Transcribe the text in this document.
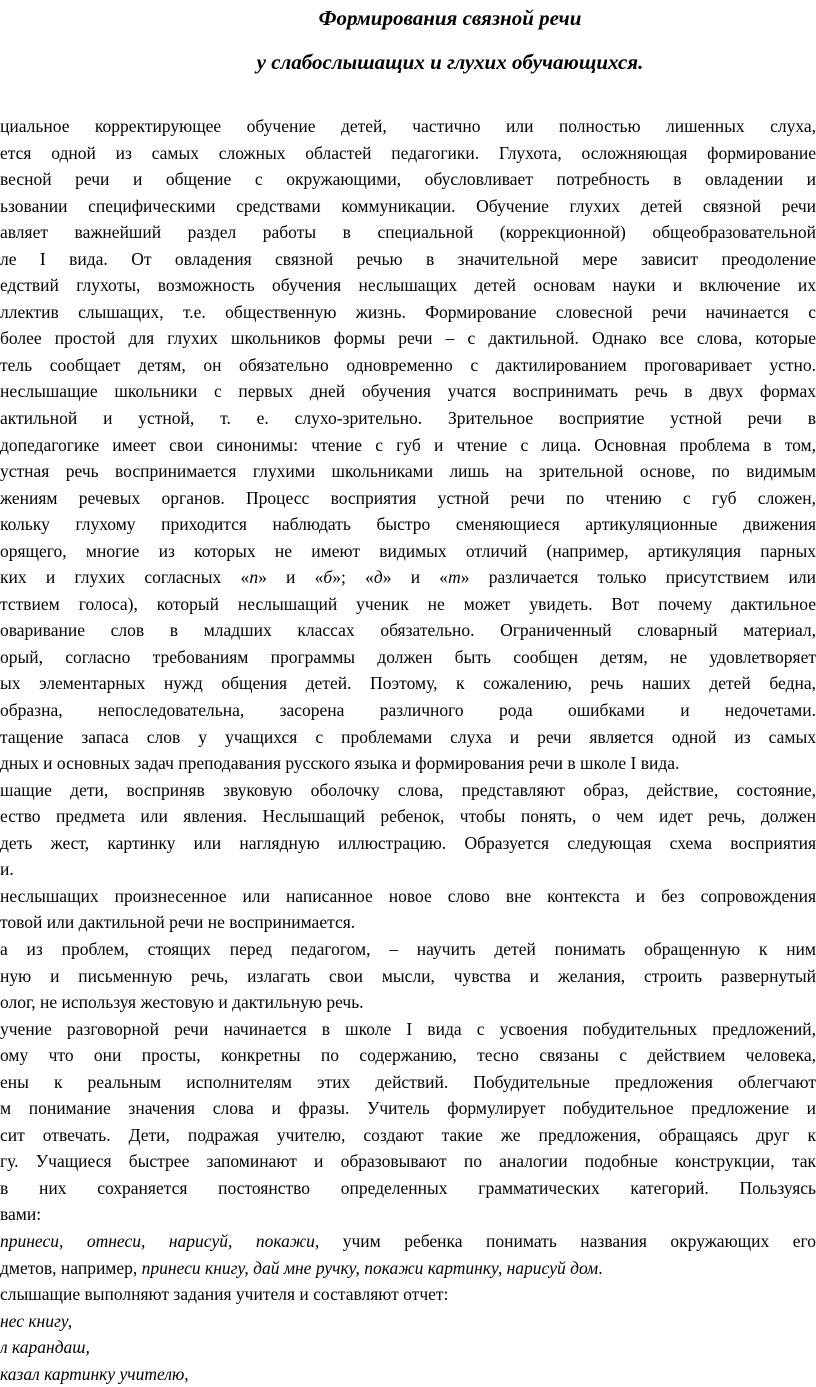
Формирования связной речи
у слабослышащих и глухих обучающихся.
циальное корректирующее обучение детей, частично или полностью лишенных слуха,
ется одной из самых сложных областей педагогики. Глухота, осложняющая формирование
весной речи и общение с окружающими, обусловливает потребность в овладении и
ьзовании специфическими средствами коммуникации. Обучение глухих детей связной речи
авляет важнейший раздел работы в специальной (коррекционной) общеобразовательной
ле I вида. От овладения связной речью в значительной мере зависит преодоление
едствий глухоты, возможность обучения неслышащих детей основам науки и включение их
ллектив слышащих, т.е. общественную жизнь. Формирование словесной речи начинается с
более простой для глухих школьников формы речи – с дактильной. Однако все слова, которые
тель сообщает детям, он обязательно одновременно с дактилированием проговаривает устно.
неслышащие школьники с первых дней обучения учатся воспринимать речь в двух формах
актильной и устной, т. е. слухо-зрительно. Зрительное восприятие устной речи в
допедагогике имеет свои синонимы: чтение с губ и чтение с лица. Основная проблема в том,
устная речь воспринимается глухими школьниками лишь на зрительной основе, по видимым
жениям речевых органов. Процесс восприятия устной речи по чтению с губ сложен,
кольку глухому приходится наблюдать быстро сменяющиеся артикуляционные движения
орящего, многие из которых не имеют видимых отличий (например, артикуляция парных
ких и глухих согласных «п» и «б»; «д» и «т» различается только присутствием или
тствием голоса), который неслышащий ученик не может увидеть. Вот почему дактильное
оваривание слов в младших классах обязательно. Ограниченный словарный материал,
орый, согласно требованиям программы должен быть сообщен детям, не удовлетворяет
ых элементарных нужд общения детей. Поэтому, к сожалению, речь наших детей бедна,
образна, непоследовательна, засорена различного рода ошибками и недочетами.
тащение запаса слов у учащихся с проблемами слуха и речи является одной из самых
дных и основных задач преподавания русского языка и формирования речи в школе I вида.
шащие дети, восприняв звуковую оболочку слова, представляют образ, действие, состояние,
ество предмета или явления. Неслышащий ребенок, чтобы понять, о чем идет речь, должен
деть жест, картинку или наглядную иллюстрацию. Образуется следующая схема восприятия
и.
неслышащих произнесенное или написанное новое слово вне контекста и без сопровождения
товой или дактильной речи не воспринимается.
а из проблем, стоящих перед педагогом, – научить детей понимать обращенную к ним
ную и письменную речь, излагать свои мысли, чувства и желания, строить развернутый
олог, не используя жестовую и дактильную речь.
учение разговорной речи начинается в школе I вида с усвоения побудительных предложений,
ому что они просты, конкретны по содержанию, тесно связаны с действием человека,
ены к реальным исполнителям этих действий. Побудительные предложения облегчают
м понимание значения слова и фразы. Учитель формулирует побудительное предложение и
сит отвечать. Дети, подражая учителю, создают такие же предложения, обращаясь друг к
гу. Учащиеся быстрее запоминают и образовывают по аналогии подобные конструкции, так
в них сохраняется постоянство определенных грамматических категорий. Пользуясь
вами:
принеси, отнеси, нарисуй, покажи, учим ребенка понимать названия окружающих его
дметов, например, принеси книгу, дай мне ручку, покажи картинку, нарисуй дом.
слышащие выполняют задания учителя и составляют отчет:
нес книгу,
л карандаш,
казал картинку учителю,
